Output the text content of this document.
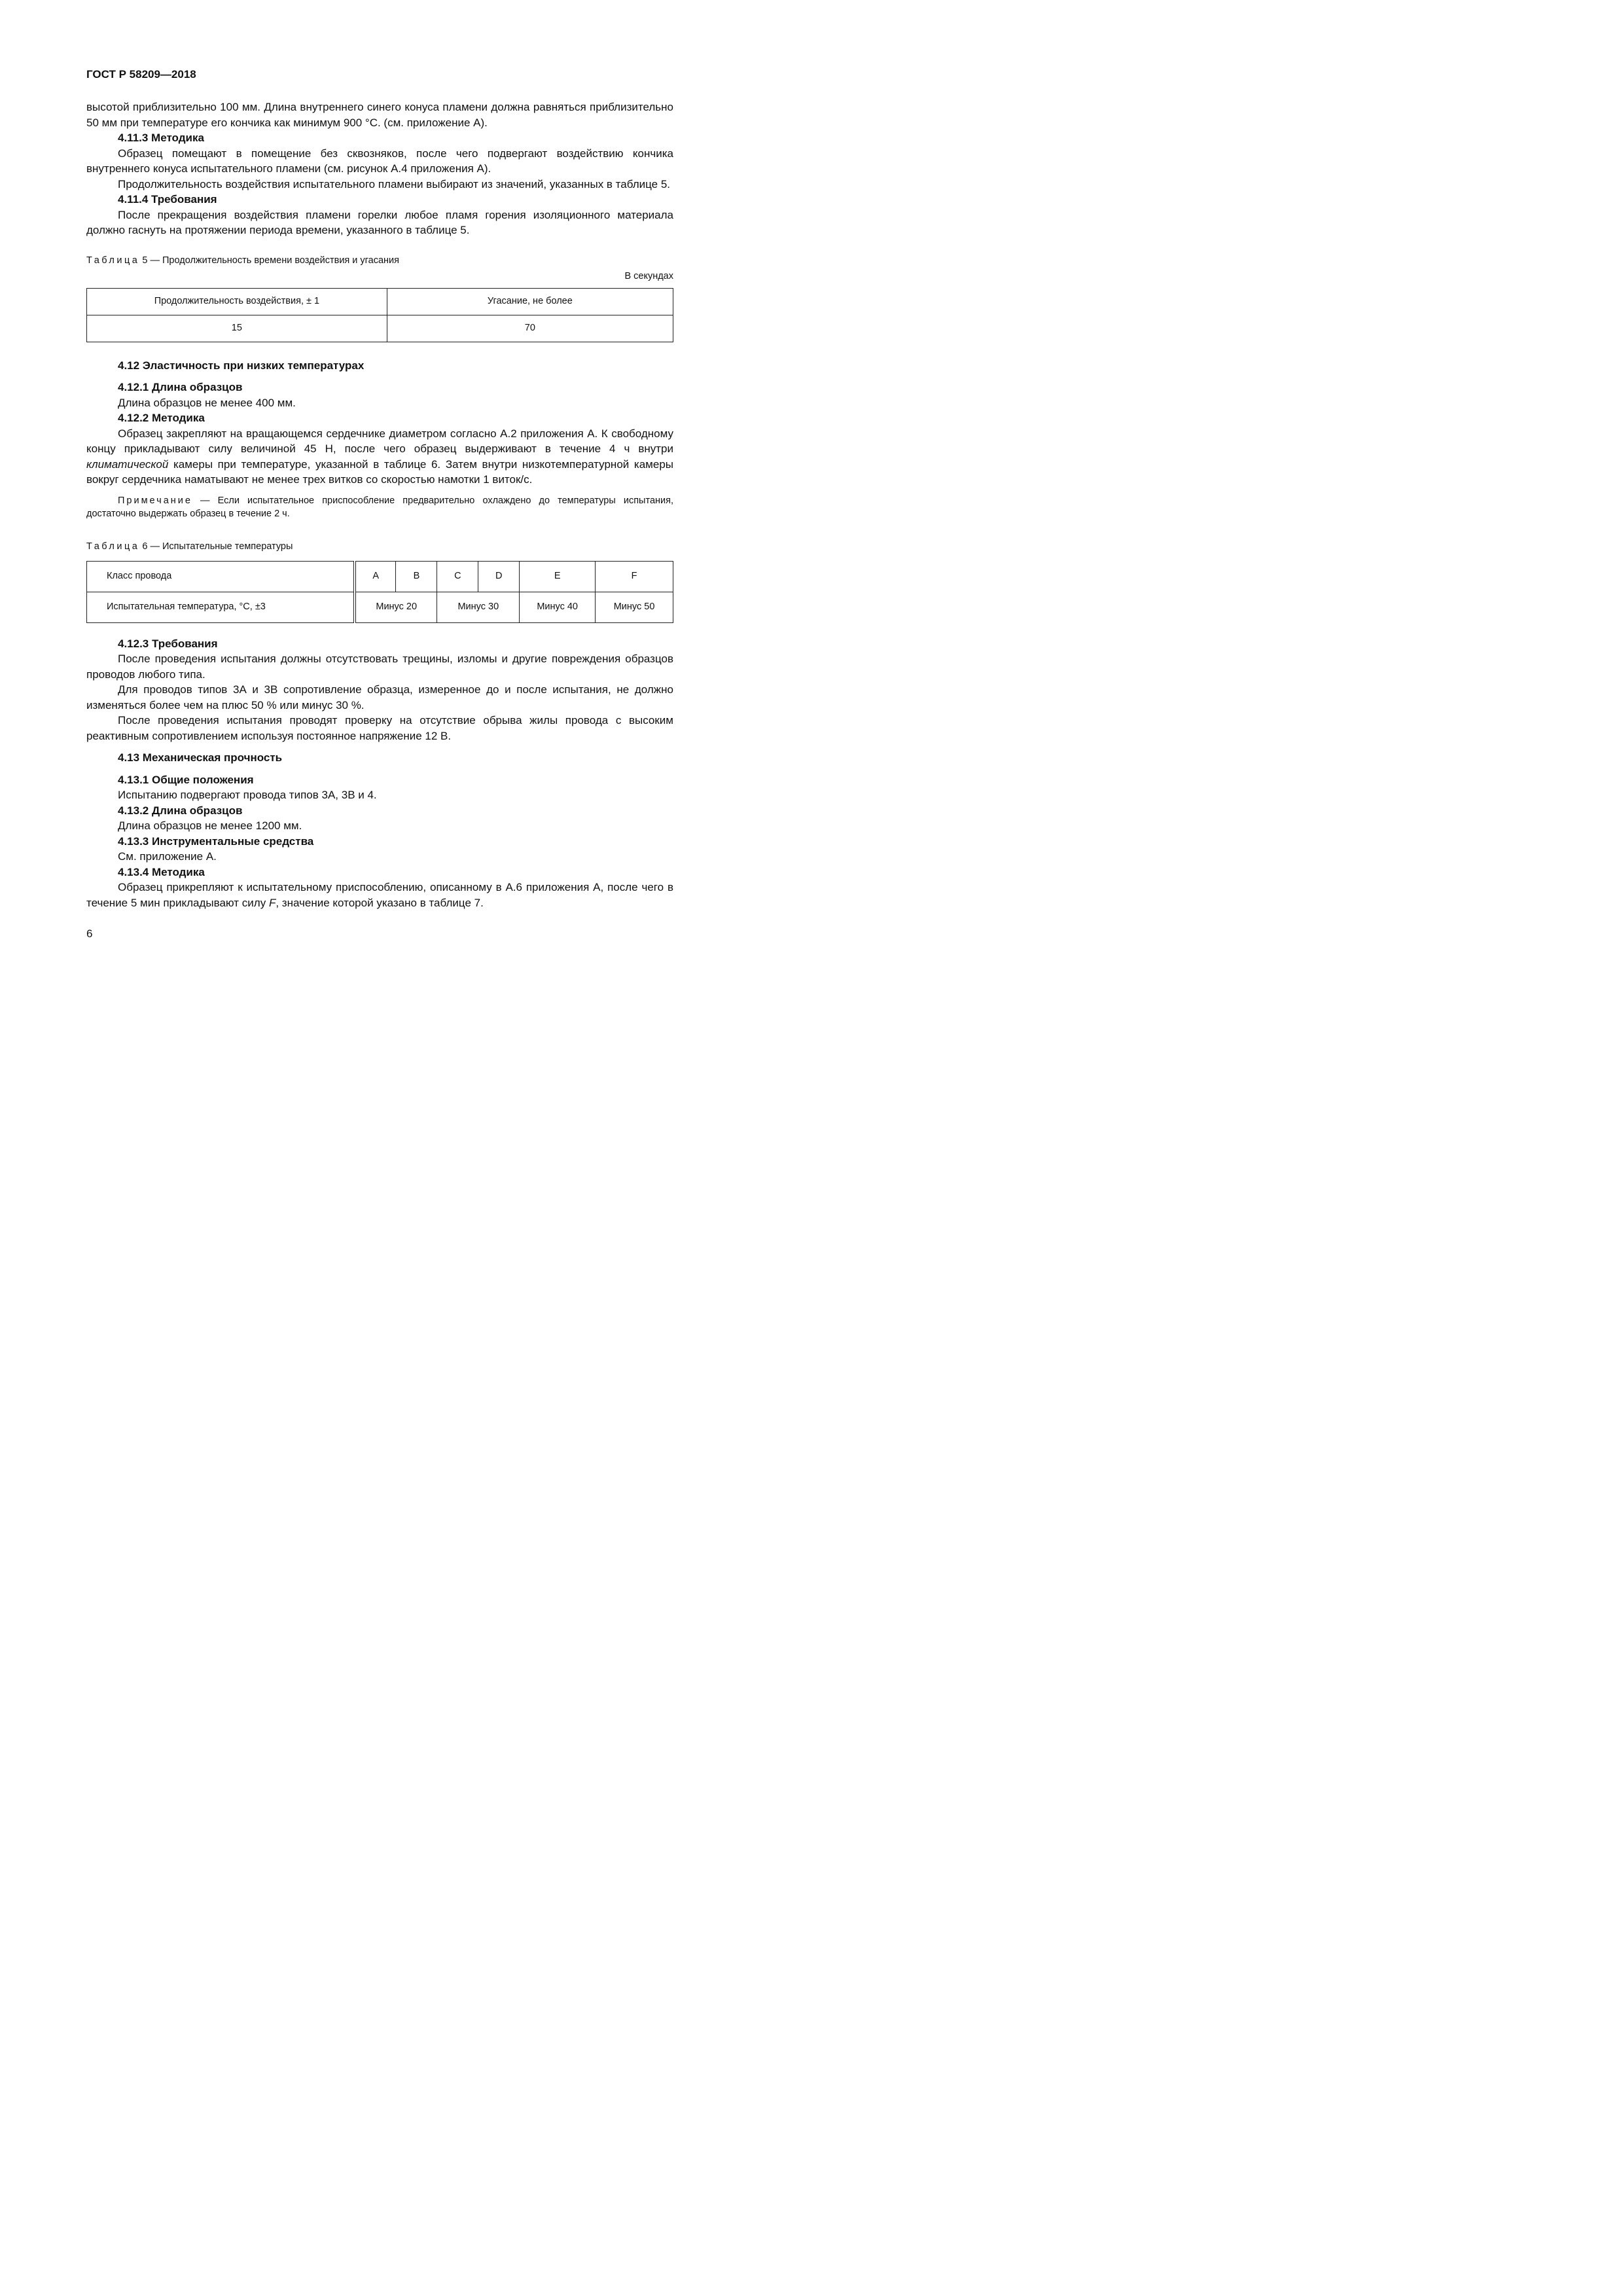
ГОСТ Р 58209—2018

высотой приблизительно 100 мм. Длина внутреннего синего конуса пламени должна равняться приблизительно 50 мм при температуре его кончика как минимум 900 °С. (см. приложение А).

4.11.3 Методика

Образец помещают в помещение без сквозняков, после чего подвергают воздействию кончика внутреннего конуса испытательного пламени (см. рисунок А.4 приложения А).

Продолжительность воздействия испытательного пламени выбирают из значений, указанных в таблице 5.

4.11.4 Требования

После прекращения воздействия пламени горелки любое пламя горения изоляционного материала должно гаснуть на протяжении периода времени, указанного в таблице 5.

Таблица 5 — Продолжительность времени воздействия и угасания
В секундах
Продолжительность воздействия, ± 1	Угасание, не более
15	70
4.12 Эластичность при низких температурах
4.12.1 Длина образцов

Длина образцов не менее 400 мм.

4.12.2 Методика

Образец закрепляют на вращающемся сердечнике диаметром согласно А.2 приложения А. К свободному концу прикладывают силу величиной 45 Н, после чего образец выдерживают в течение 4 ч внутри климатической камеры при температуре, указанной в таблице 6. Затем внутри низкотемпературной камеры вокруг сердечника наматывают не менее трех витков со скоростью намотки 1 виток/с.

Примечание — Если испытательное приспособление предварительно охлаждено до температуры испытания, достаточно выдержать образец в течение 2 ч.

Таблица 6 — Испытательные температуры
Класс провода	A	B	C	D	E	F
Испытательная температура, °С, ±3	Минус 20		Минус 30		Минус 40	Минус 50
4.12.3 Требования

После проведения испытания должны отсутствовать трещины, изломы и другие повреждения образцов проводов любого типа.

Для проводов типов 3А и 3В сопротивление образца, измеренное до и после испытания, не должно изменяться более чем на плюс 50 % или минус 30 %.

После проведения испытания проводят проверку на отсутствие обрыва жилы провода с высоким реактивным сопротивлением используя постоянное напряжение 12 В.

4.13 Механическая прочность
4.13.1 Общие положения

Испытанию подвергают провода типов 3А, 3В и 4.

4.13.2 Длина образцов

Длина образцов не менее 1200 мм.

4.13.3 Инструментальные средства

См. приложение А.

4.13.4 Методика

Образец прикрепляют к испытательному приспособлению, описанному в А.6 приложения А, после чего в течение 5 мин прикладывают силу F, значение которой указано в таблице 7.

6
